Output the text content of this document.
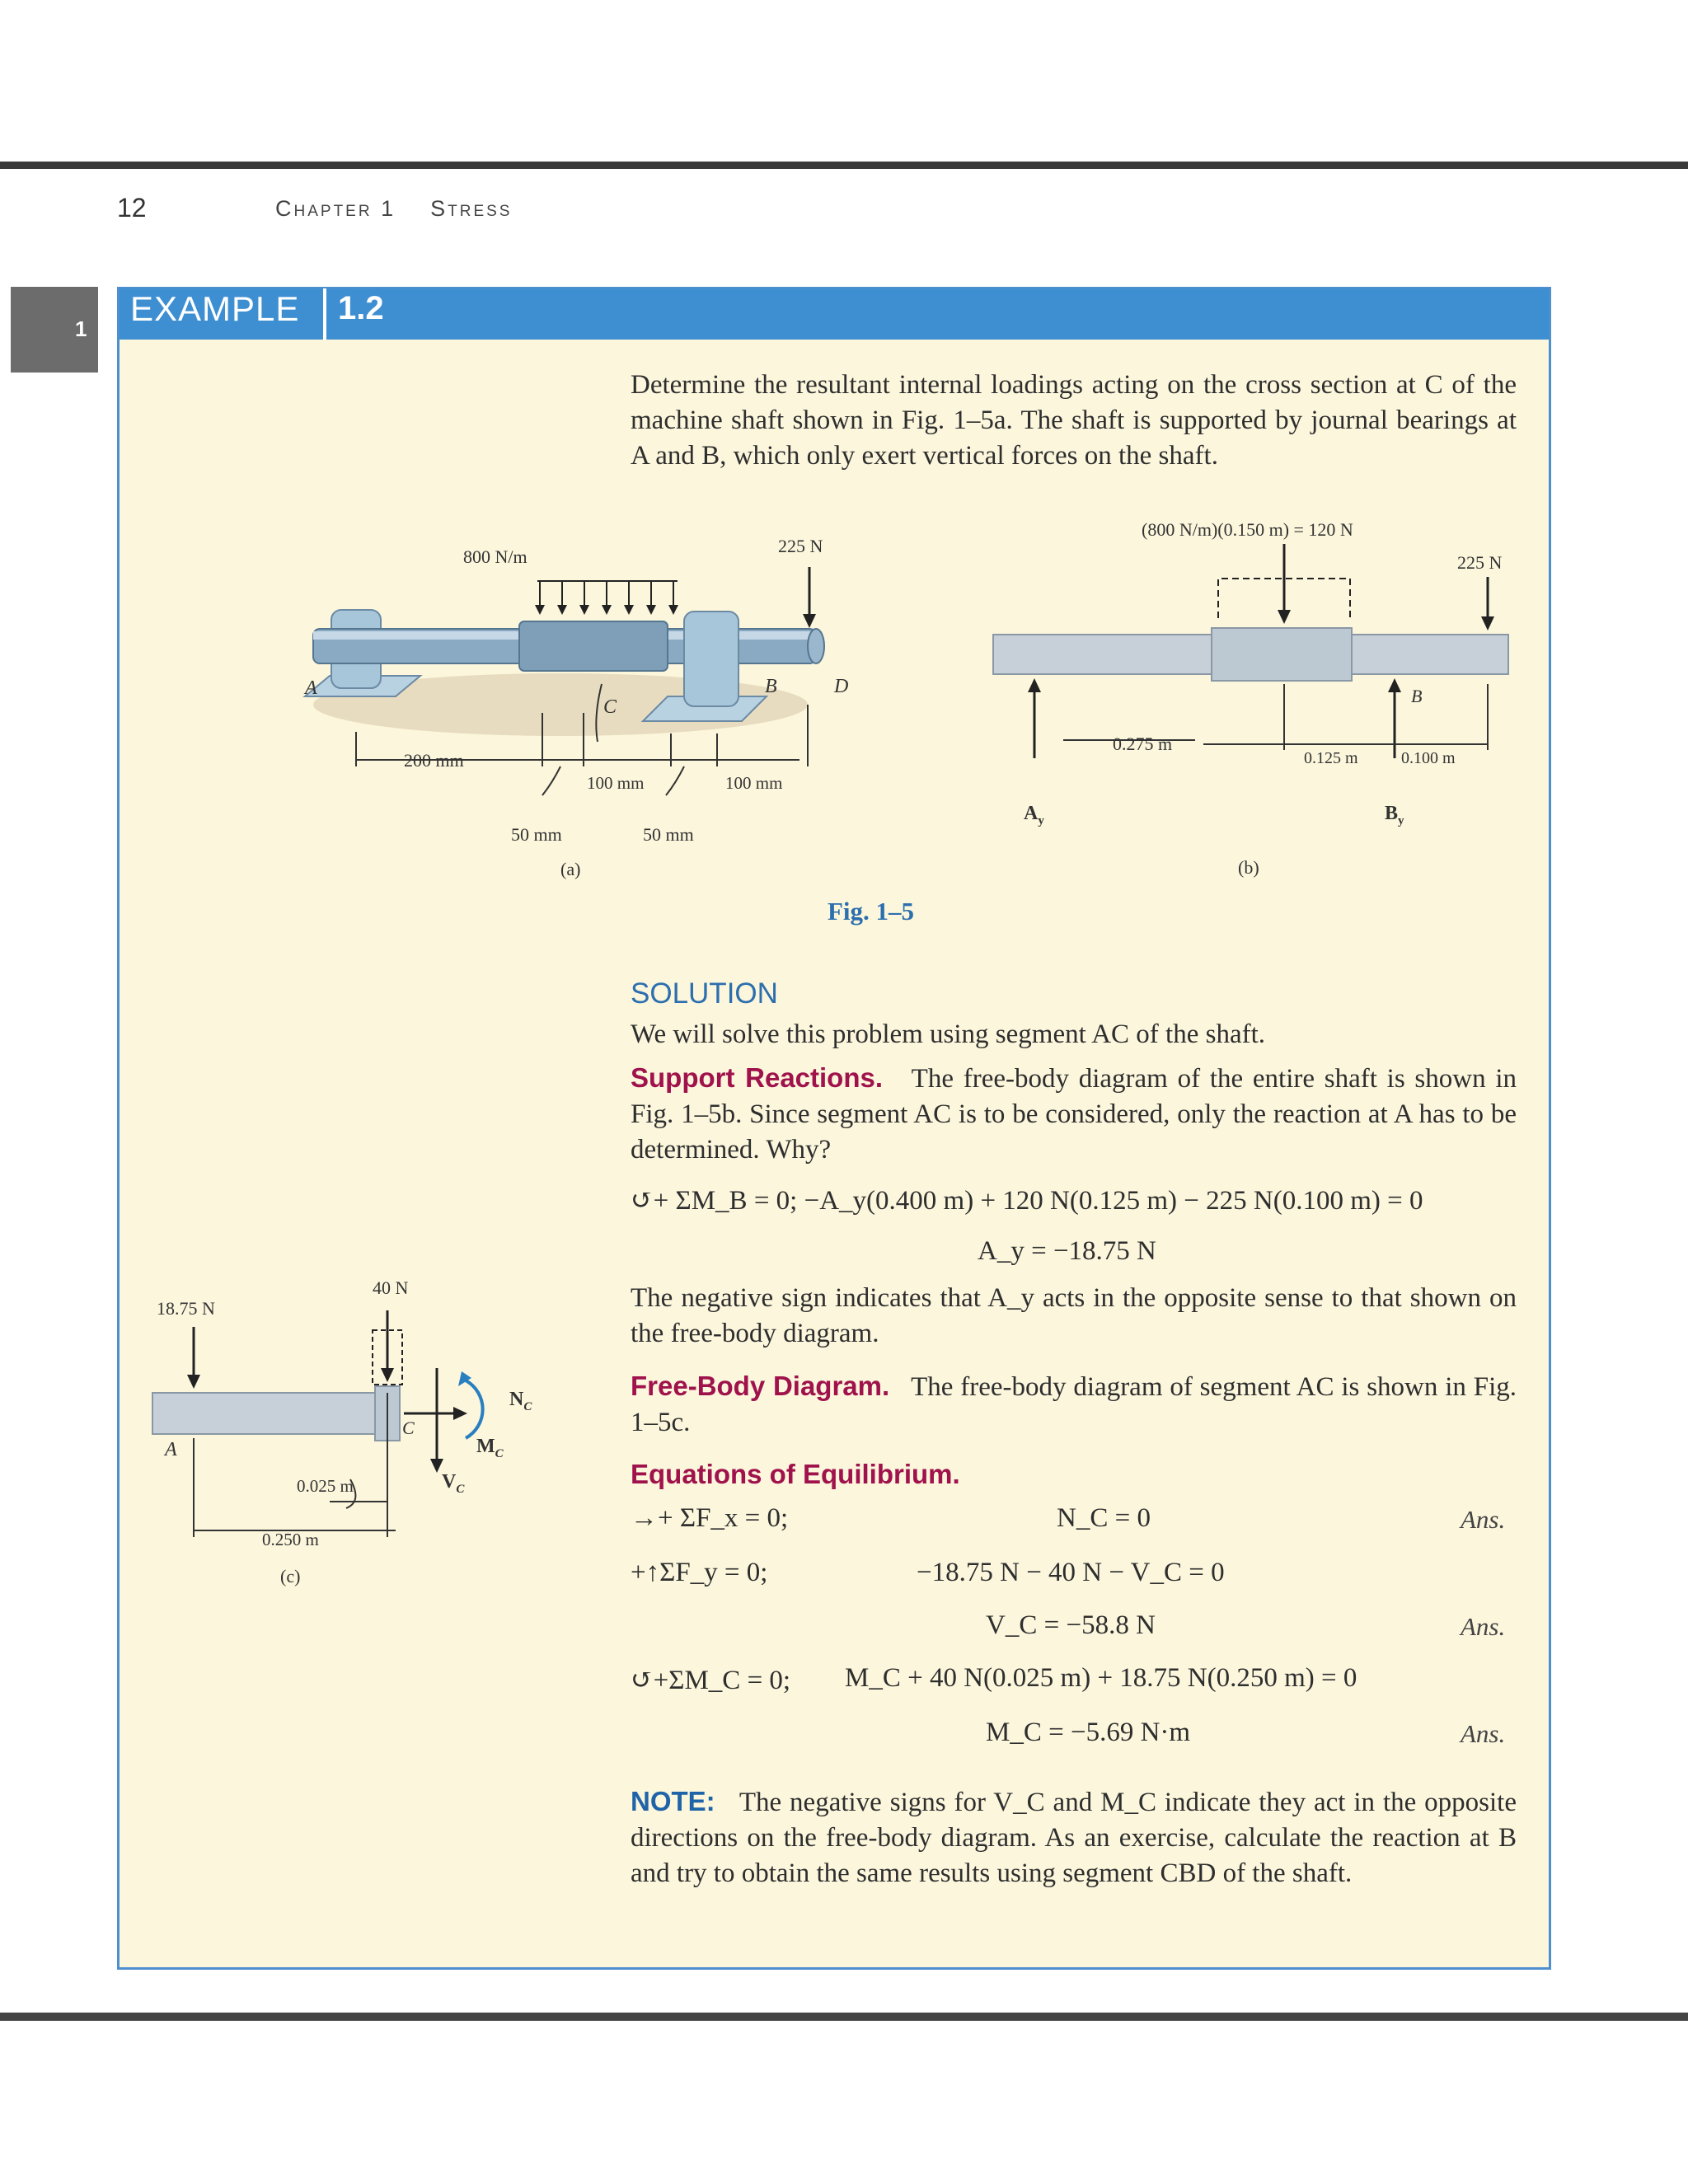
12	Chapter 1 Stress
1
EXAMPLE 1.2
Determine the resultant internal loadings acting on the cross section at C of the machine shaft shown in Fig. 1–5a. The shaft is supported by journal bearings at A and B, which only exert vertical forces on the shaft.
800 N/m
225 N
A
C
B	D
200 mm
100 mm	100 mm
50 mm	50 mm
(a)
(800 N/m)(0.150 m) = 120 N
225 N
0.275 m
0.125 m	0.100 m
B
$A_y$	$B_y$
(b)
Fig. 1–5
18.75 N
40 N
A
C
$N_C$
$M_C$
$V_C$
0.025 m
0.250 m
(c)
SOLUTION
We will solve this problem using segment AC of the shaft.
Support Reactions. The free-body diagram of the entire shaft is shown in Fig. 1–5b. Since segment AC is to be considered, only the reaction at A has to be determined. Why?
↺+ ΣM_B = 0; −A_y(0.400 m) + 120 N(0.125 m) − 225 N(0.100 m) = 0
A_y = −18.75 N
The negative sign indicates that A_y acts in the opposite sense to that shown on the free-body diagram.
Free-Body Diagram. The free-body diagram of segment AC is shown in Fig. 1–5c.
Equations of Equilibrium.
→+ ΣF_x = 0;	N_C = 0	Ans.
+↑ΣF_y = 0;	−18.75 N − 40 N − V_C = 0
V_C = −58.8 N	Ans.
↺+ΣM_C = 0; M_C + 40 N(0.025 m) + 18.75 N(0.250 m) = 0
M_C = −5.69 N·m	Ans.
NOTE: The negative signs for V_C and M_C indicate they act in the opposite directions on the free-body diagram. As an exercise, calculate the reaction at B and try to obtain the same results using segment CBD of the shaft.
